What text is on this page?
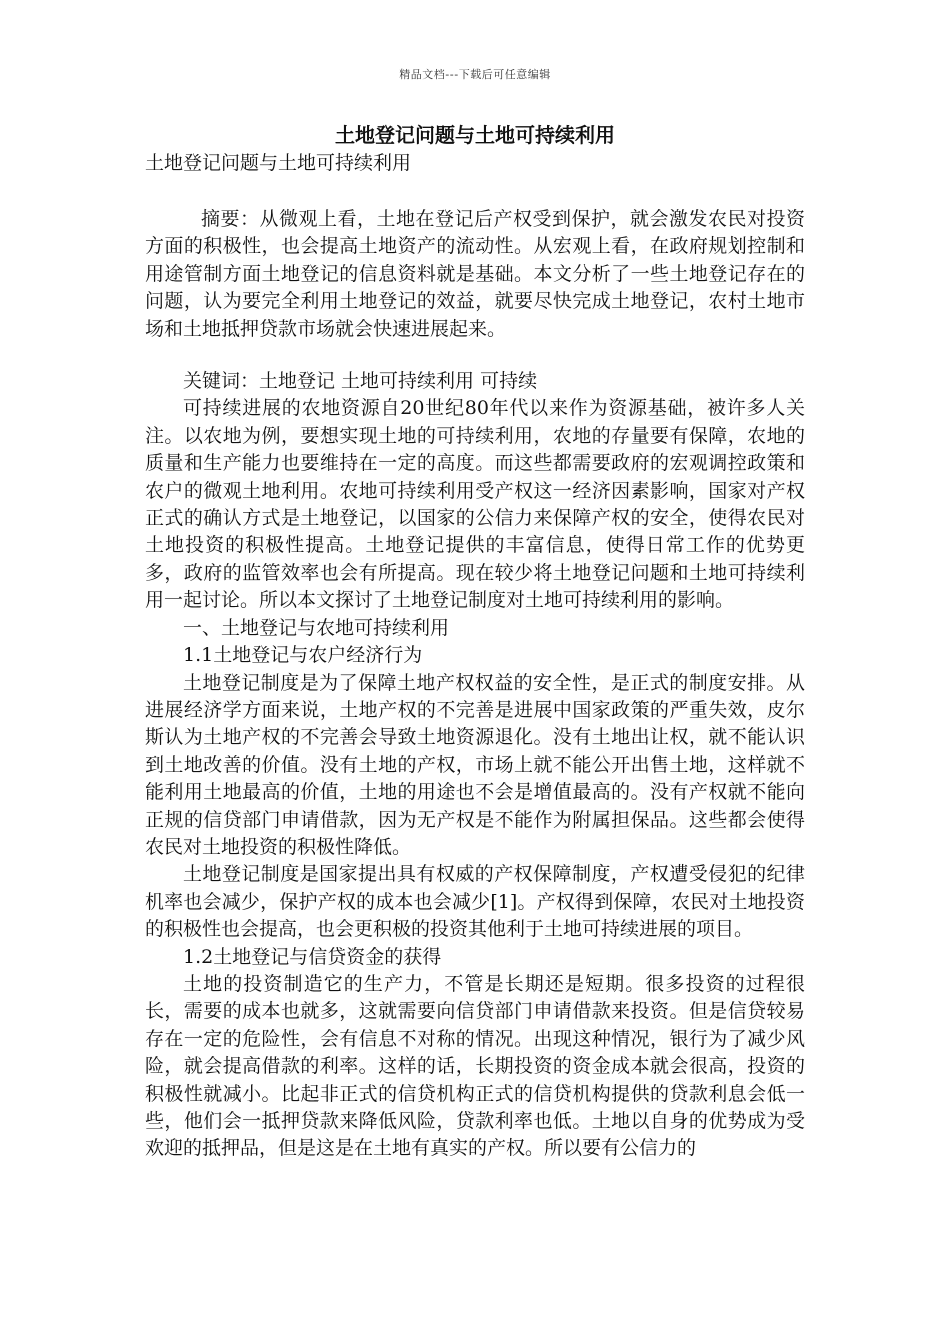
精品文档---下载后可任意编辑
土地登记问题与土地可持续利用

土地登记问题与土地可持续利用

摘要：从微观上看，土地在登记后产权受到保护，就会激发农民对投资方面的积极性，也会提高土地资产的流动性。从宏观上看，在政府规划控制和用途管制方面土地登记的信息资料就是基础。本文分析了一些土地登记存在的问题，认为要完全利用土地登记的效益，就要尽快完成土地登记，农村土地市场和土地抵押贷款市场就会快速进展起来。

关键词：土地登记 土地可持续利用 可持续

可持续进展的农地资源自20世纪80年代以来作为资源基础，被许多人关注。以农地为例，要想实现土地的可持续利用，农地的存量要有保障，农地的质量和生产能力也要维持在一定的高度。而这些都需要政府的宏观调控政策和农户的微观土地利用。农地可持续利用受产权这一经济因素影响，国家对产权正式的确认方式是土地登记，以国家的公信力来保障产权的安全，使得农民对土地投资的积极性提高。土地登记提供的丰富信息，使得日常工作的优势更多，政府的监管效率也会有所提高。现在较少将土地登记问题和土地可持续利用一起讨论。所以本文探讨了土地登记制度对土地可持续利用的影响。

一、土地登记与农地可持续利用

1.1土地登记与农户经济行为

土地登记制度是为了保障土地产权权益的安全性，是正式的制度安排。从进展经济学方面来说，土地产权的不完善是进展中国家政策的严重失效，皮尔斯认为土地产权的不完善会导致土地资源退化。没有土地出让权，就不能认识到土地改善的价值。没有土地的产权，市场上就不能公开出售土地，这样就不能利用土地最高的价值，土地的用途也不会是增值最高的。没有产权就不能向正规的信贷部门申请借款，因为无产权是不能作为附属担保品。这些都会使得农民对土地投资的积极性降低。

土地登记制度是国家提出具有权威的产权保障制度，产权遭受侵犯的纪律机率也会减少，保护产权的成本也会减少[1]。产权得到保障，农民对土地投资的积极性也会提高，也会更积极的投资其他利于土地可持续进展的项目。

1.2土地登记与信贷资金的获得

土地的投资制造它的生产力，不管是长期还是短期。很多投资的过程很长，需要的成本也就多，这就需要向信贷部门申请借款来投资。但是信贷较易存在一定的危险性，会有信息不对称的情况。出现这种情况，银行为了减少风险，就会提高借款的利率。这样的话，长期投资的资金成本就会很高，投资的积极性就减小。比起非正式的信贷机构正式的信贷机构提供的贷款利息会低一些，他们会一抵押贷款来降低风险，贷款利率也低。土地以自身的优势成为受欢迎的抵押品，但是这是在土地有真实的产权。所以要有公信力的
